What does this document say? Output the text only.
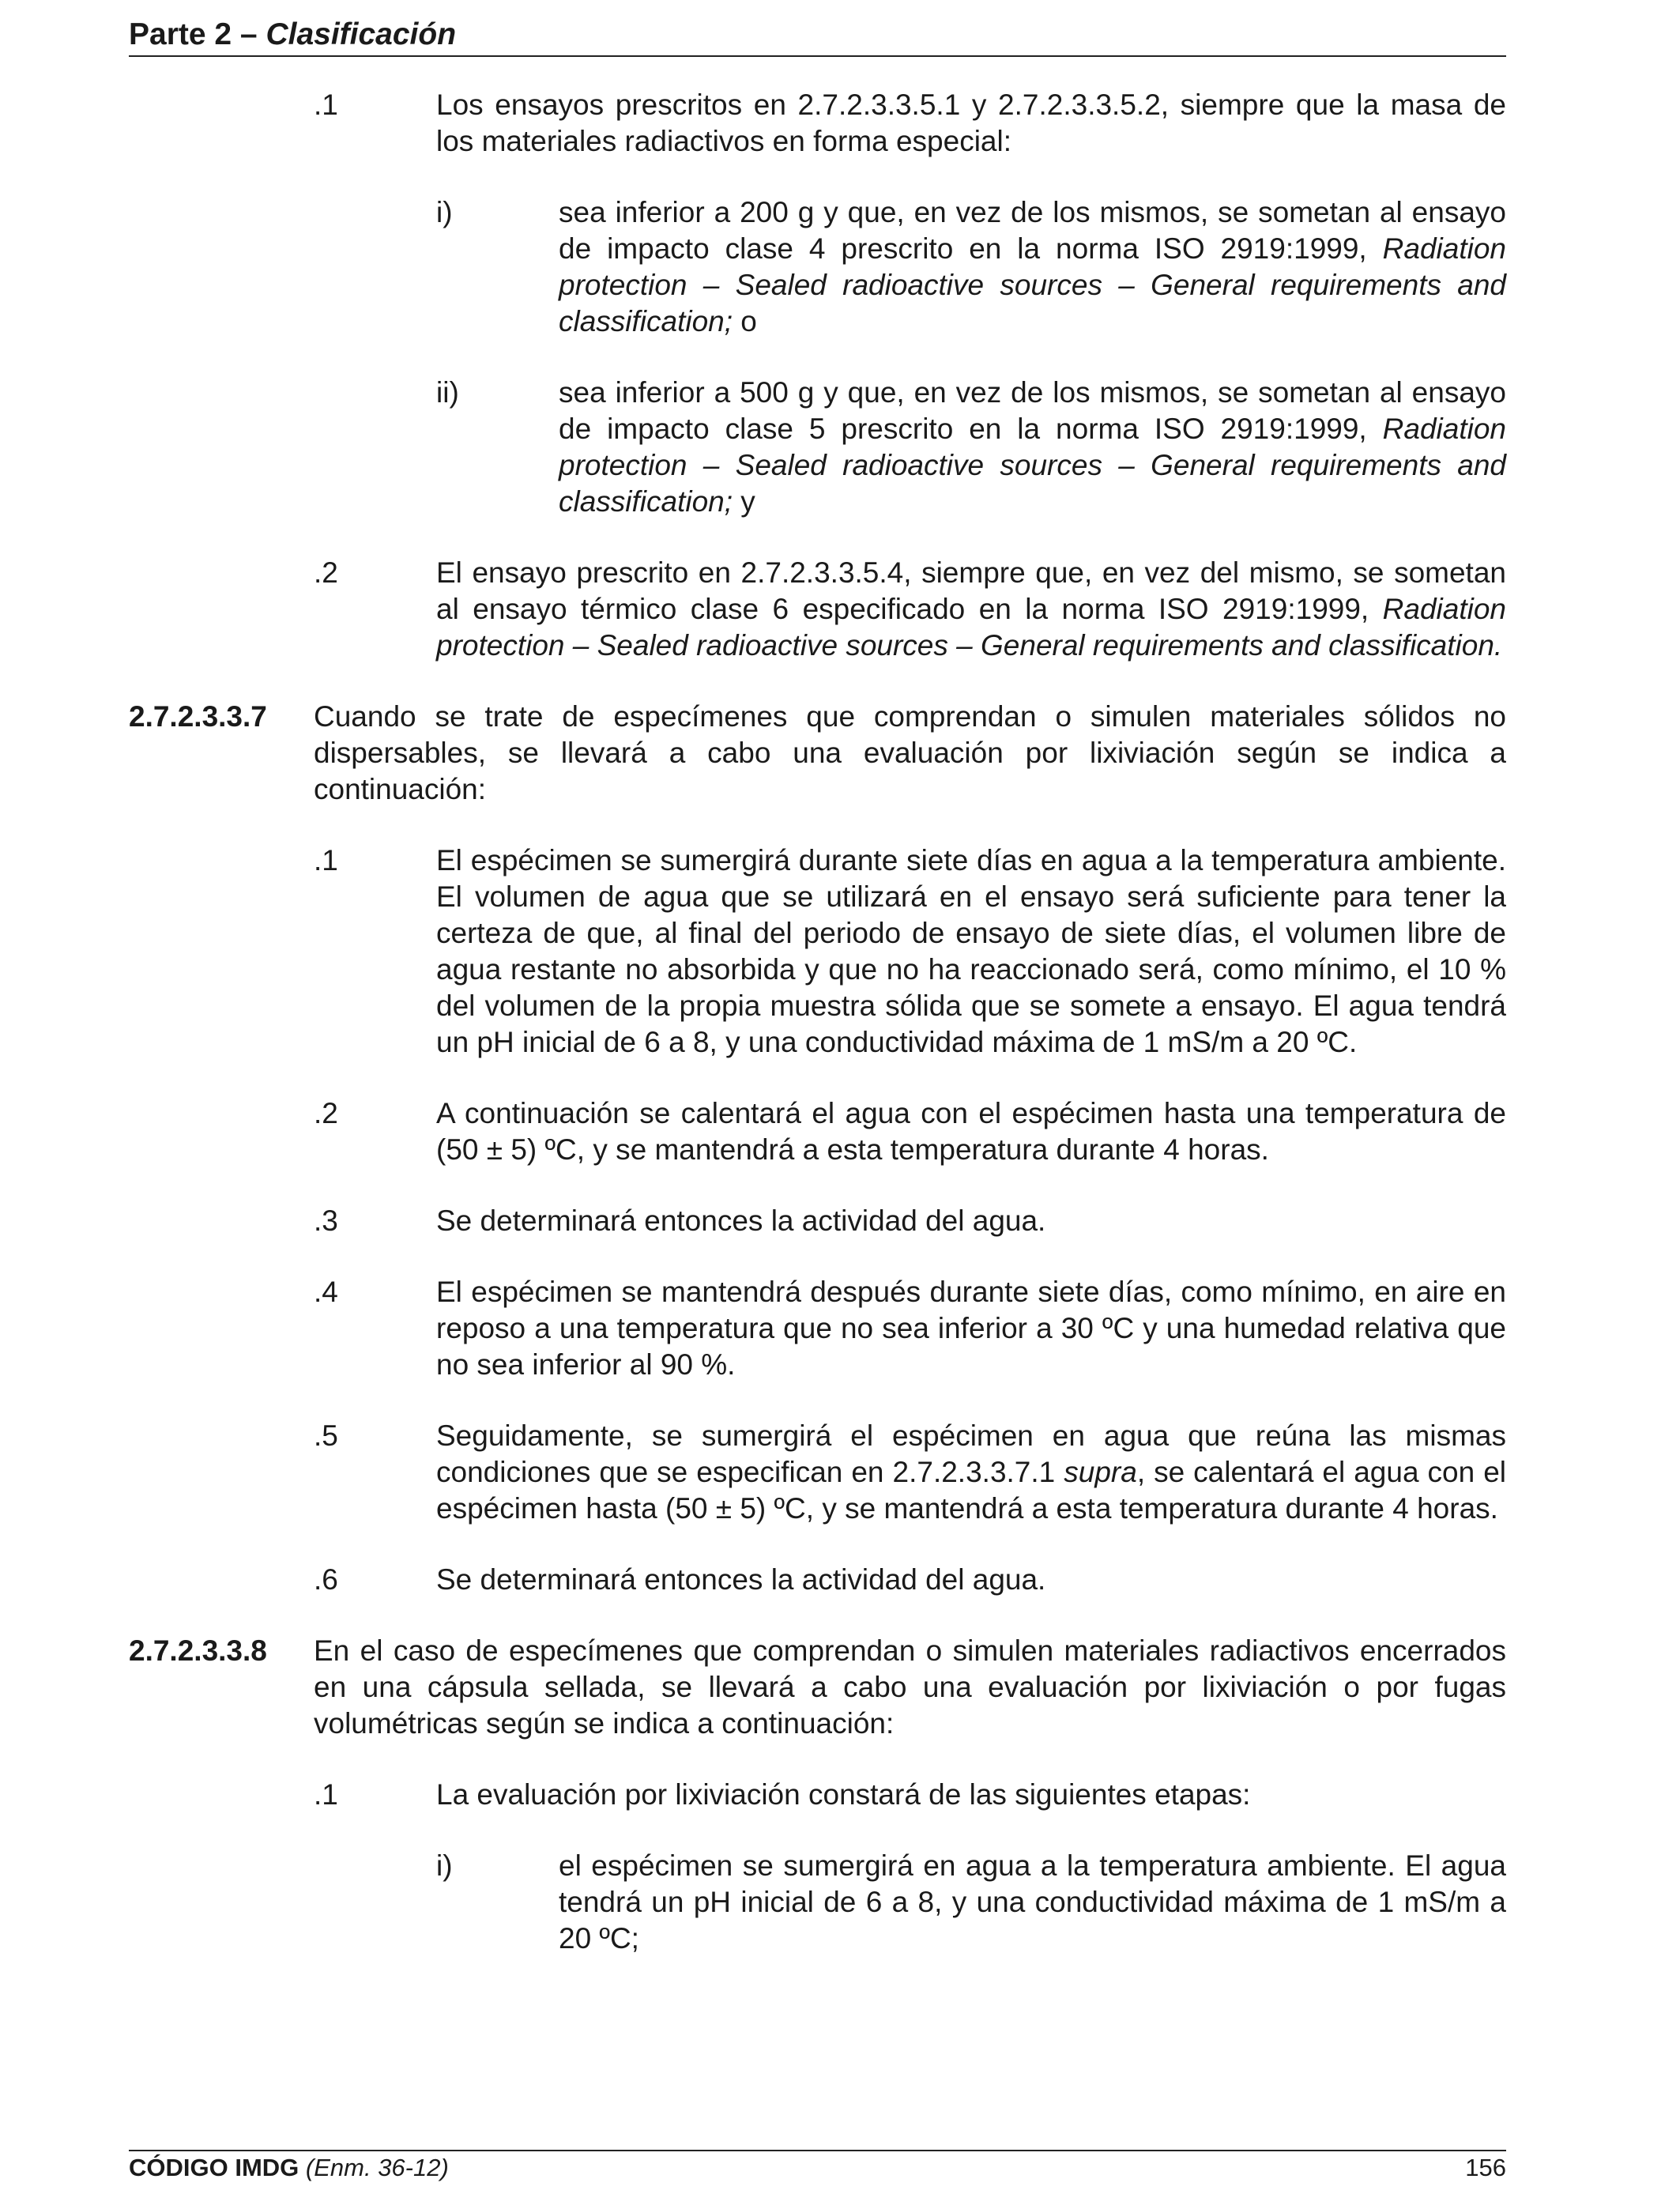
Parte 2 – Clasificación
.1	Los ensayos prescritos en 2.7.2.3.3.5.1 y 2.7.2.3.3.5.2, siempre que la masa de los materiales radiactivos en forma especial:
i)	sea inferior a 200 g y que, en vez de los mismos, se sometan al ensayo de impacto clase 4 prescrito en la norma ISO 2919:1999, Radiation protection – Sealed radioactive sources – General requirements and classification; o
ii)	sea inferior a 500 g y que, en vez de los mismos, se sometan al ensayo de impacto clase 5 prescrito en la norma ISO 2919:1999, Radiation protection – Sealed radioactive sources – General requirements and classification; y
.2	El ensayo prescrito en 2.7.2.3.3.5.4, siempre que, en vez del mismo, se sometan al ensayo térmico clase 6 especificado en la norma ISO 2919:1999, Radiation protection – Sealed radioactive sources – General requirements and classification.
2.7.2.3.3.7	Cuando se trate de especímenes que comprendan o simulen materiales sólidos no dispersables, se llevará a cabo una evaluación por lixiviación según se indica a continuación:
.1	El espécimen se sumergirá durante siete días en agua a la temperatura ambiente. El volumen de agua que se utilizará en el ensayo será suficiente para tener la certeza de que, al final del periodo de ensayo de siete días, el volumen libre de agua restante no absorbida y que no ha reaccionado será, como mínimo, el 10 % del volumen de la propia muestra sólida que se somete a ensayo. El agua tendrá un pH inicial de 6 a 8, y una conductividad máxima de 1 mS/m a 20 ºC.
.2	A continuación se calentará el agua con el espécimen hasta una temperatura de (50 ± 5) ºC, y se mantendrá a esta temperatura durante 4 horas.
.3	Se determinará entonces la actividad del agua.
.4	El espécimen se mantendrá después durante siete días, como mínimo, en aire en reposo a una temperatura que no sea inferior a 30 ºC y una humedad relativa que no sea inferior al 90 %.
.5	Seguidamente, se sumergirá el espécimen en agua que reúna las mismas condiciones que se especifican en 2.7.2.3.3.7.1 supra, se calentará el agua con el espécimen hasta (50 ± 5) ºC, y se mantendrá a esta temperatura durante 4 horas.
.6	Se determinará entonces la actividad del agua.
2.7.2.3.3.8	En el caso de especímenes que comprendan o simulen materiales radiactivos encerrados en una cápsula sellada, se llevará a cabo una evaluación por lixiviación o por fugas volumétricas según se indica a continuación:
.1	La evaluación por lixiviación constará de las siguientes etapas:
i)	el espécimen se sumergirá en agua a la temperatura ambiente. El agua tendrá un pH inicial de 6 a 8, y una conductividad máxima de 1 mS/m a 20 ºC;
CÓDIGO IMDG (Enm. 36-12)	156
